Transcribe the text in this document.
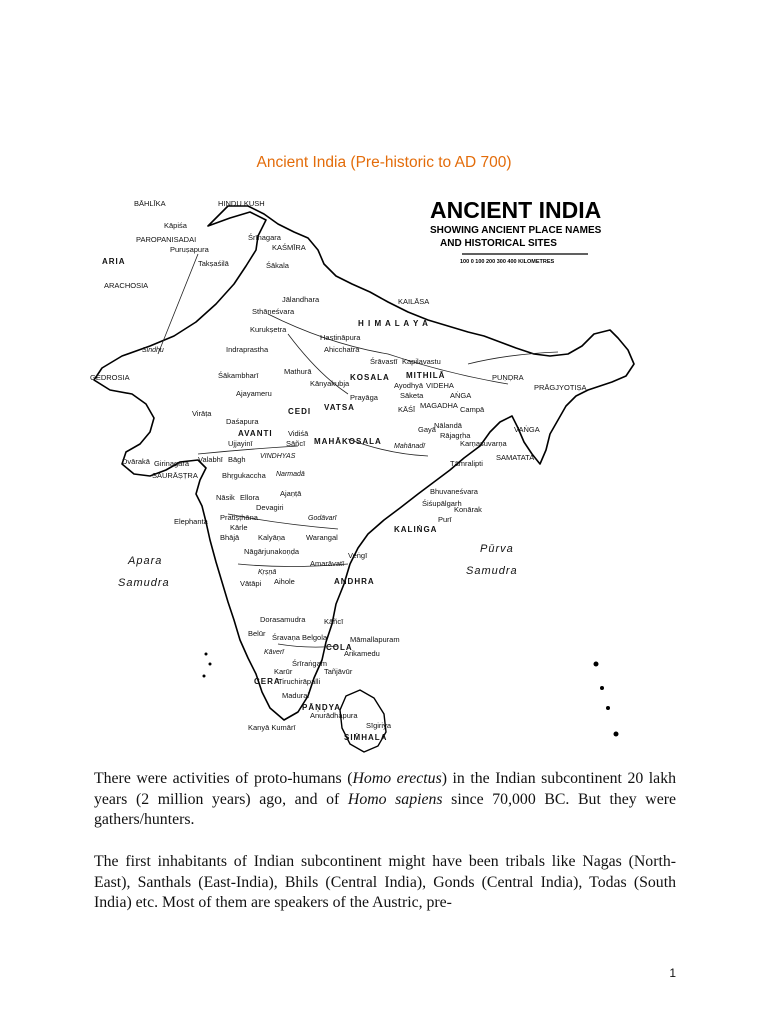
Ancient India (Pre-historic to AD 700)
ANCIENT INDIA
SHOWING ANCIENT PLACE NAMES
AND HISTORICAL SITES
100 0 100 200 300 400 KILOMETRES
BĀHLĪKA	HINDU KUSH
Kāpiśa
PAROPANISADAI
Puruṣapura
ARIA
ARACHOSIA
Takṣaśilā	Śākala
KAŚMĪRA
Śrīnagara
Jālandhara
Sthāneśvara
Kurukṣetra
Indraprastha
Sindhu
GEDROSIA
H I M A L A Y A
KAILĀSA
Hastināpura
Ahicchatra
Śrāvastī Kapilavastu
Mathurā
Kānyakubja
KOSALA MITHILĀ
Ayodhyā VIDEHA
Prayāga	Sāketa
VATSA	KĀŚĪ
CEDI
MAGADHA
AṄGA
Campā
Nālandā
Gayā
Rājagṛha
PUṆḌRA
PRĀGJYOTIṢA
VAṄGA
Karṇasuvarṇa
Tāmralipti
SAMATATA
Śākambharī
Ajayameru
Virāṭa
Daśapura
AVANTI
Ujjayinī	Sāñcī
Vidiśā
VINDHYAS
Bāgh
Dvārakā Girinagara Valabhī
SAURĀṢṬRA	Bhṛgukaccha Narmadā
MAHĀKOSALA
Mahānadī
Bhuvaneśvara
Śiśupālgarh
Konārak
Purī
KALIṄGA
Nāsik Ellora	Ajaṇṭā
Devagiri
Elephanta Pratiṣṭhāna
Kārle
Bhājā	Kalyāṇa
Godāvarī
Warangal
Nāgārjunakoṇḍa
Amarāvatī
Veṅgī
ANDHRA
Kṛṣṇā
Vātāpi Aihole
Apara
Samudra
Pūrva
Samudra
Dorasamudra
Belūr Śravaṇa Belgola
Kāñcī
Māmallapuram
Arikamedu
COLA
Kāverī
Śrīraṅgam
Karūr	Tañjāvūr
Tiruchirāpalli
Madurai
PĀṆḌYA
CERA
Kanyā Kumārī
Anurādhapura
Sīgiriya
SIṀHALA
There were activities of proto-humans (Homo erectus) in the Indian subcontinent 20 lakh years (2 million years) ago, and of Homo sapiens since 70,000 BC. But they were gathers/hunters.
The first inhabitants of Indian subcontinent might have been tribals like Nagas (North-East), Santhals (East-India), Bhils (Central India), Gonds (Central India), Todas (South India) etc. Most of them are speakers of the Austric, pre-
1
